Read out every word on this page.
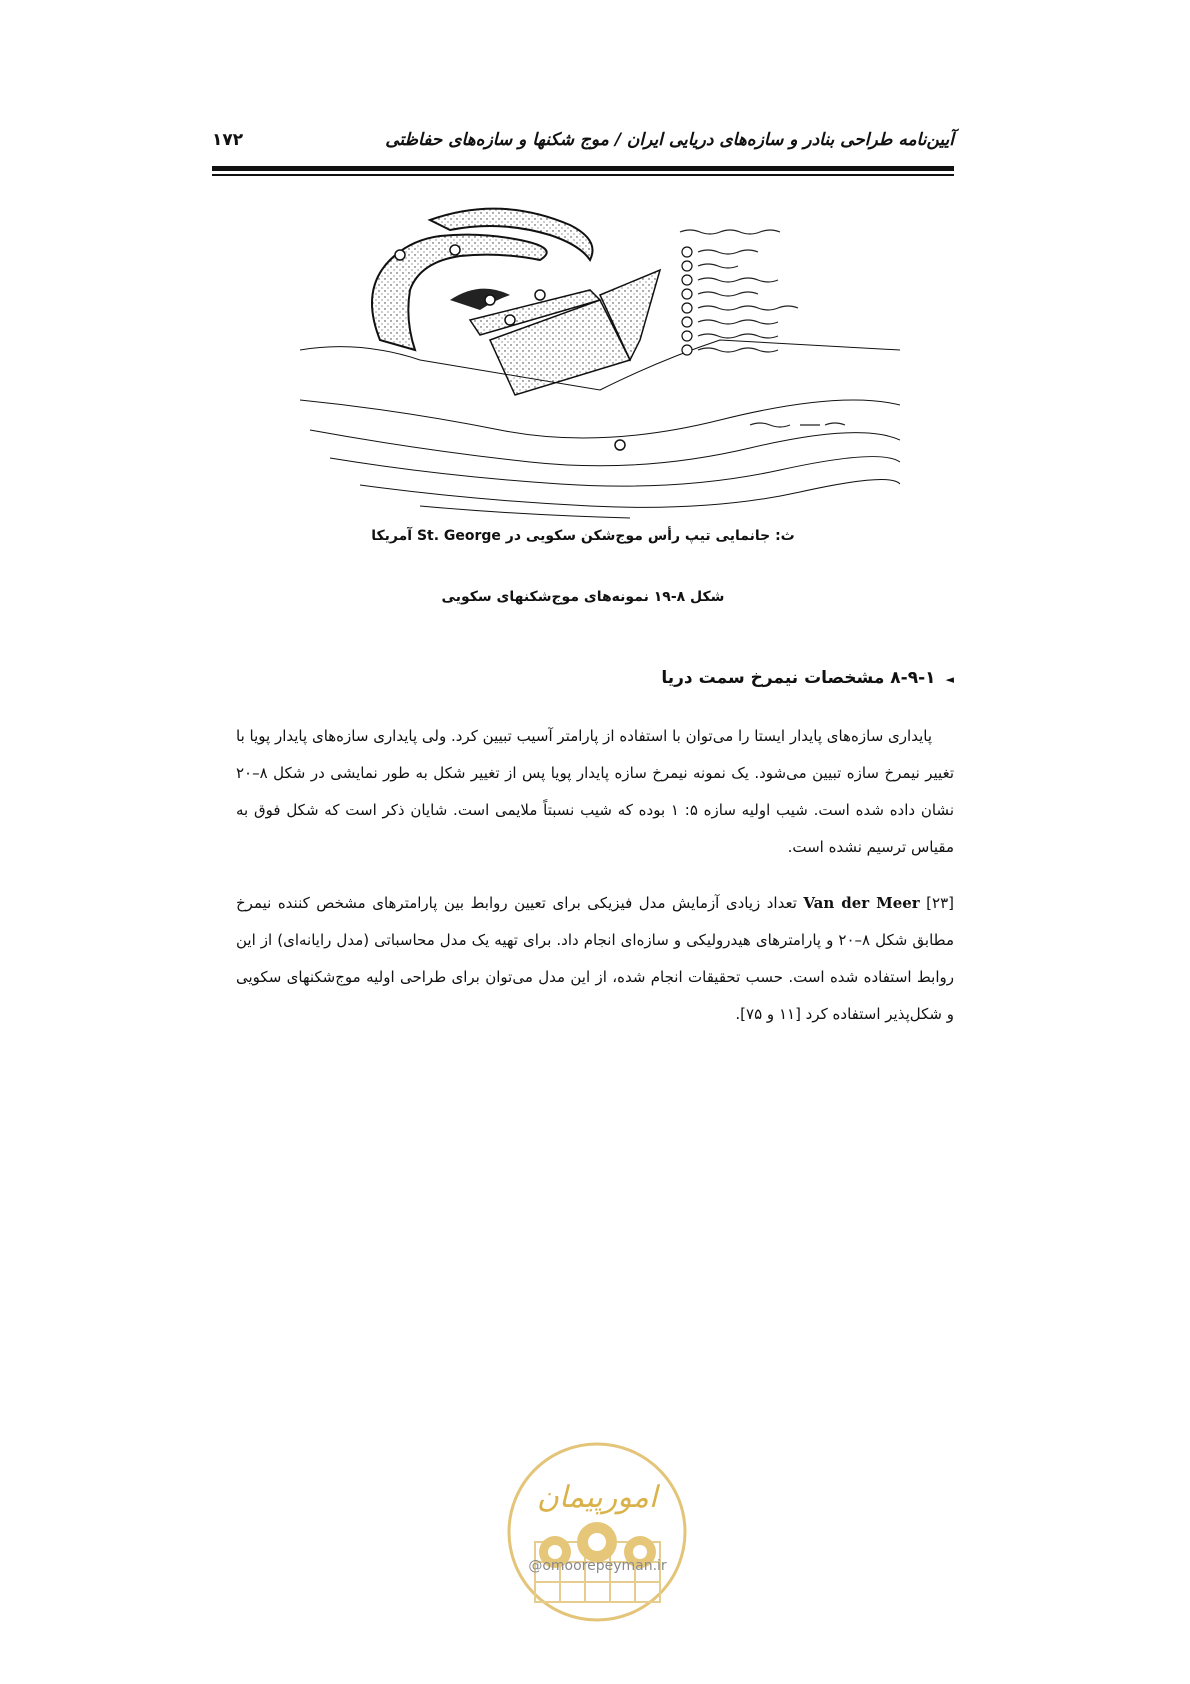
آیین‌نامه طراحی بنادر و سازه‌های دریایی ایران / موج شکنها و سازه‌های حفاظتی
۱۷۲
ث: جانمایی تیپ رأس موج‌شکن سکویی در St. George آمریکا
شکل ۸-۱۹ نمونه‌های موج‌شکنهای سکویی
◄۸-۹-۱ مشخصات نیمرخ سمت دریا

پایداری سازه‌های پایدار ایستا را می‌توان با استفاده از پارامتر آسیب تبیین کرد. ولی پایداری سازه‌های پایدار پویا با تغییر نیمرخ سازه تبیین می‌شود. یک نمونه نیمرخ سازه پایدار پویا پس از تغییر شکل به طور نمایشی در شکل ۸–۲۰ نشان داده شده است. شیب اولیه سازه ۵: ۱ بوده که شیب نسبتاً ملایمی است. شایان ذکر است که شکل فوق به مقیاس ترسیم نشده است.

Van der Meer [۲۳] تعداد زیادی آزمایش مدل فیزیکی برای تعیین روابط بین پارامترهای مشخص کننده نیمرخ مطابق شکل ۸–۲۰ و پارامترهای هیدرولیکی و سازه‌ای انجام داد. برای تهیه یک مدل محاسباتی (مدل رایانه‌ای) از این روابط استفاده شده است. حسب تحقیقات انجام شده، از این مدل می‌توان برای طراحی اولیه موج‌شکنهای سکویی و شکل‌پذیر استفاده کرد [۱۱ و ۷۵].

امورپیمان
@omoorepeyman.ir
